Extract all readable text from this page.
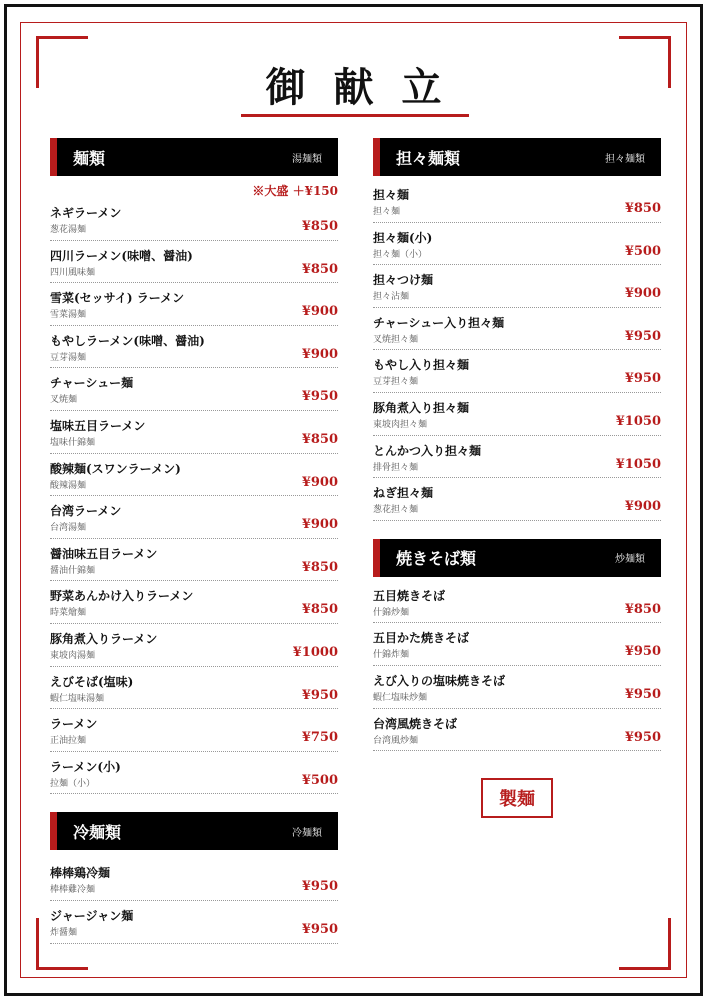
御献立
麺類	湯麺類
※大盛 ＋¥150
ネギラーメン
葱花湯麺	¥850
四川ラーメン(味噌、醤油)
四川風味麺	¥850
雪菜(セッサイ) ラーメン
雪菜湯麺	¥900
もやしラーメン(味噌、醤油)
豆芽湯麺	¥900
チャーシュー麺
叉焼麺	¥950
塩味五目ラーメン
塩味什錦麺	¥850
酸辣麺(スワンラーメン)
酸辣湯麺	¥900
台湾ラーメン
台湾湯麺	¥900
醤油味五目ラーメン
醤油什錦麺	¥850
野菜あんかけ入りラーメン
時菜燴麺	¥850
豚角煮入りラーメン
東坡肉湯麺	¥1000
えびそば(塩味)
蝦仁塩味湯麺	¥950
ラーメン
正油拉麺	¥750
ラーメン(小)
拉麺（小）	¥500
冷麺類	冷麺類
棒棒鶏冷麺
棒棒雞冷麺	¥950
ジャージャン麺
炸醤麺	¥950
担々麺類	担々麺類
担々麺
担々麺	¥850
担々麺(小)
担々麺（小）	¥500
担々つけ麺
担々沾麺	¥900
チャーシュー入り担々麺
叉焼担々麺	¥950
もやし入り担々麺
豆芽担々麺	¥950
豚角煮入り担々麺
東坡肉担々麺	¥1050
とんかつ入り担々麺
排骨担々麺	¥1050
ねぎ担々麺
葱花担々麺	¥900
焼きそば類	炒麺類
五目焼きそば
什錦炒麺	¥850
五目かた焼きそば
什錦炸麺	¥950
えび入りの塩味焼きそば
蝦仁塩味炒麺	¥950
台湾風焼きそば
台湾風炒麺	¥950
製麺
